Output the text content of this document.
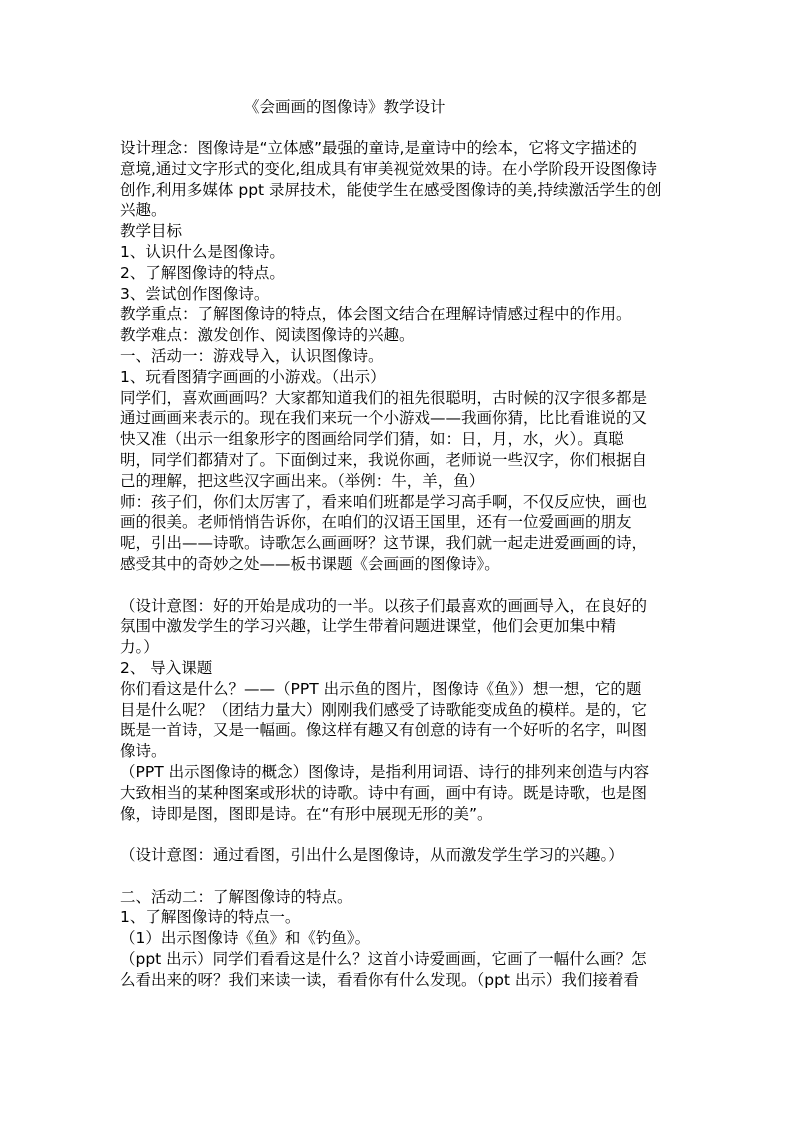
《会画画的图像诗》教学设计
设计理念：图像诗是“立体感”最强的童诗,是童诗中的绘本，它将文字描述的
意境,通过文字形式的变化,组成具有审美视觉效果的诗。在小学阶段开设图像诗
创作,利用多媒体 ppt 录屏技术，能使学生在感受图像诗的美,持续激活学生的创
兴趣。
教学目标
1、认识什么是图像诗。
2、了解图像诗的特点。
3、尝试创作图像诗。
教学重点：了解图像诗的特点，体会图文结合在理解诗情感过程中的作用。
教学难点：激发创作、阅读图像诗的兴趣。
一、活动一：游戏导入，认识图像诗。
1、玩看图猜字画画的小游戏。（出示）
同学们，喜欢画画吗？大家都知道我们的祖先很聪明，古时候的汉字很多都是
通过画画来表示的。现在我们来玩一个小游戏——我画你猜，比比看谁说的又
快又准（出示一组象形字的图画给同学们猜，如：日，月，水，火）。真聪
明，同学们都猜对了。下面倒过来，我说你画，老师说一些汉字，你们根据自
己的理解，把这些汉字画出来。（举例：牛，羊，鱼）
师：孩子们，你们太厉害了，看来咱们班都是学习高手啊，不仅反应快，画也
画的很美。老师悄悄告诉你，在咱们的汉语王国里，还有一位爱画画的朋友
呢，引出——诗歌。诗歌怎么画画呀？这节课，我们就一起走进爱画画的诗，
感受其中的奇妙之处——板书课题《会画画的图像诗》。
（设计意图：好的开始是成功的一半。以孩子们最喜欢的画画导入，在良好的
氛围中激发学生的学习兴趣，让学生带着问题进课堂，他们会更加集中精
力。）
2、 导入课题
你们看这是什么？——（PPT 出示鱼的图片，图像诗《鱼》）想一想，它的题
目是什么呢？（团结力量大）刚刚我们感受了诗歌能变成鱼的模样。是的，它
既是一首诗，又是一幅画。像这样有趣又有创意的诗有一个好听的名字，叫图
像诗。
（PPT 出示图像诗的概念）图像诗，是指利用词语、诗行的排列来创造与内容
大致相当的某种图案或形状的诗歌。诗中有画，画中有诗。既是诗歌，也是图
像，诗即是图，图即是诗。在“有形中展现无形的美”。
（设计意图：通过看图，引出什么是图像诗，从而激发学生学习的兴趣。）
二、活动二：了解图像诗的特点。
1、了解图像诗的特点一。
（1）出示图像诗《鱼》和《钓鱼》。
（ppt 出示）同学们看看这是什么？这首小诗爱画画，它画了一幅什么画？怎
么看出来的呀？我们来读一读，看看你有什么发现。（ppt 出示）我们接着看
